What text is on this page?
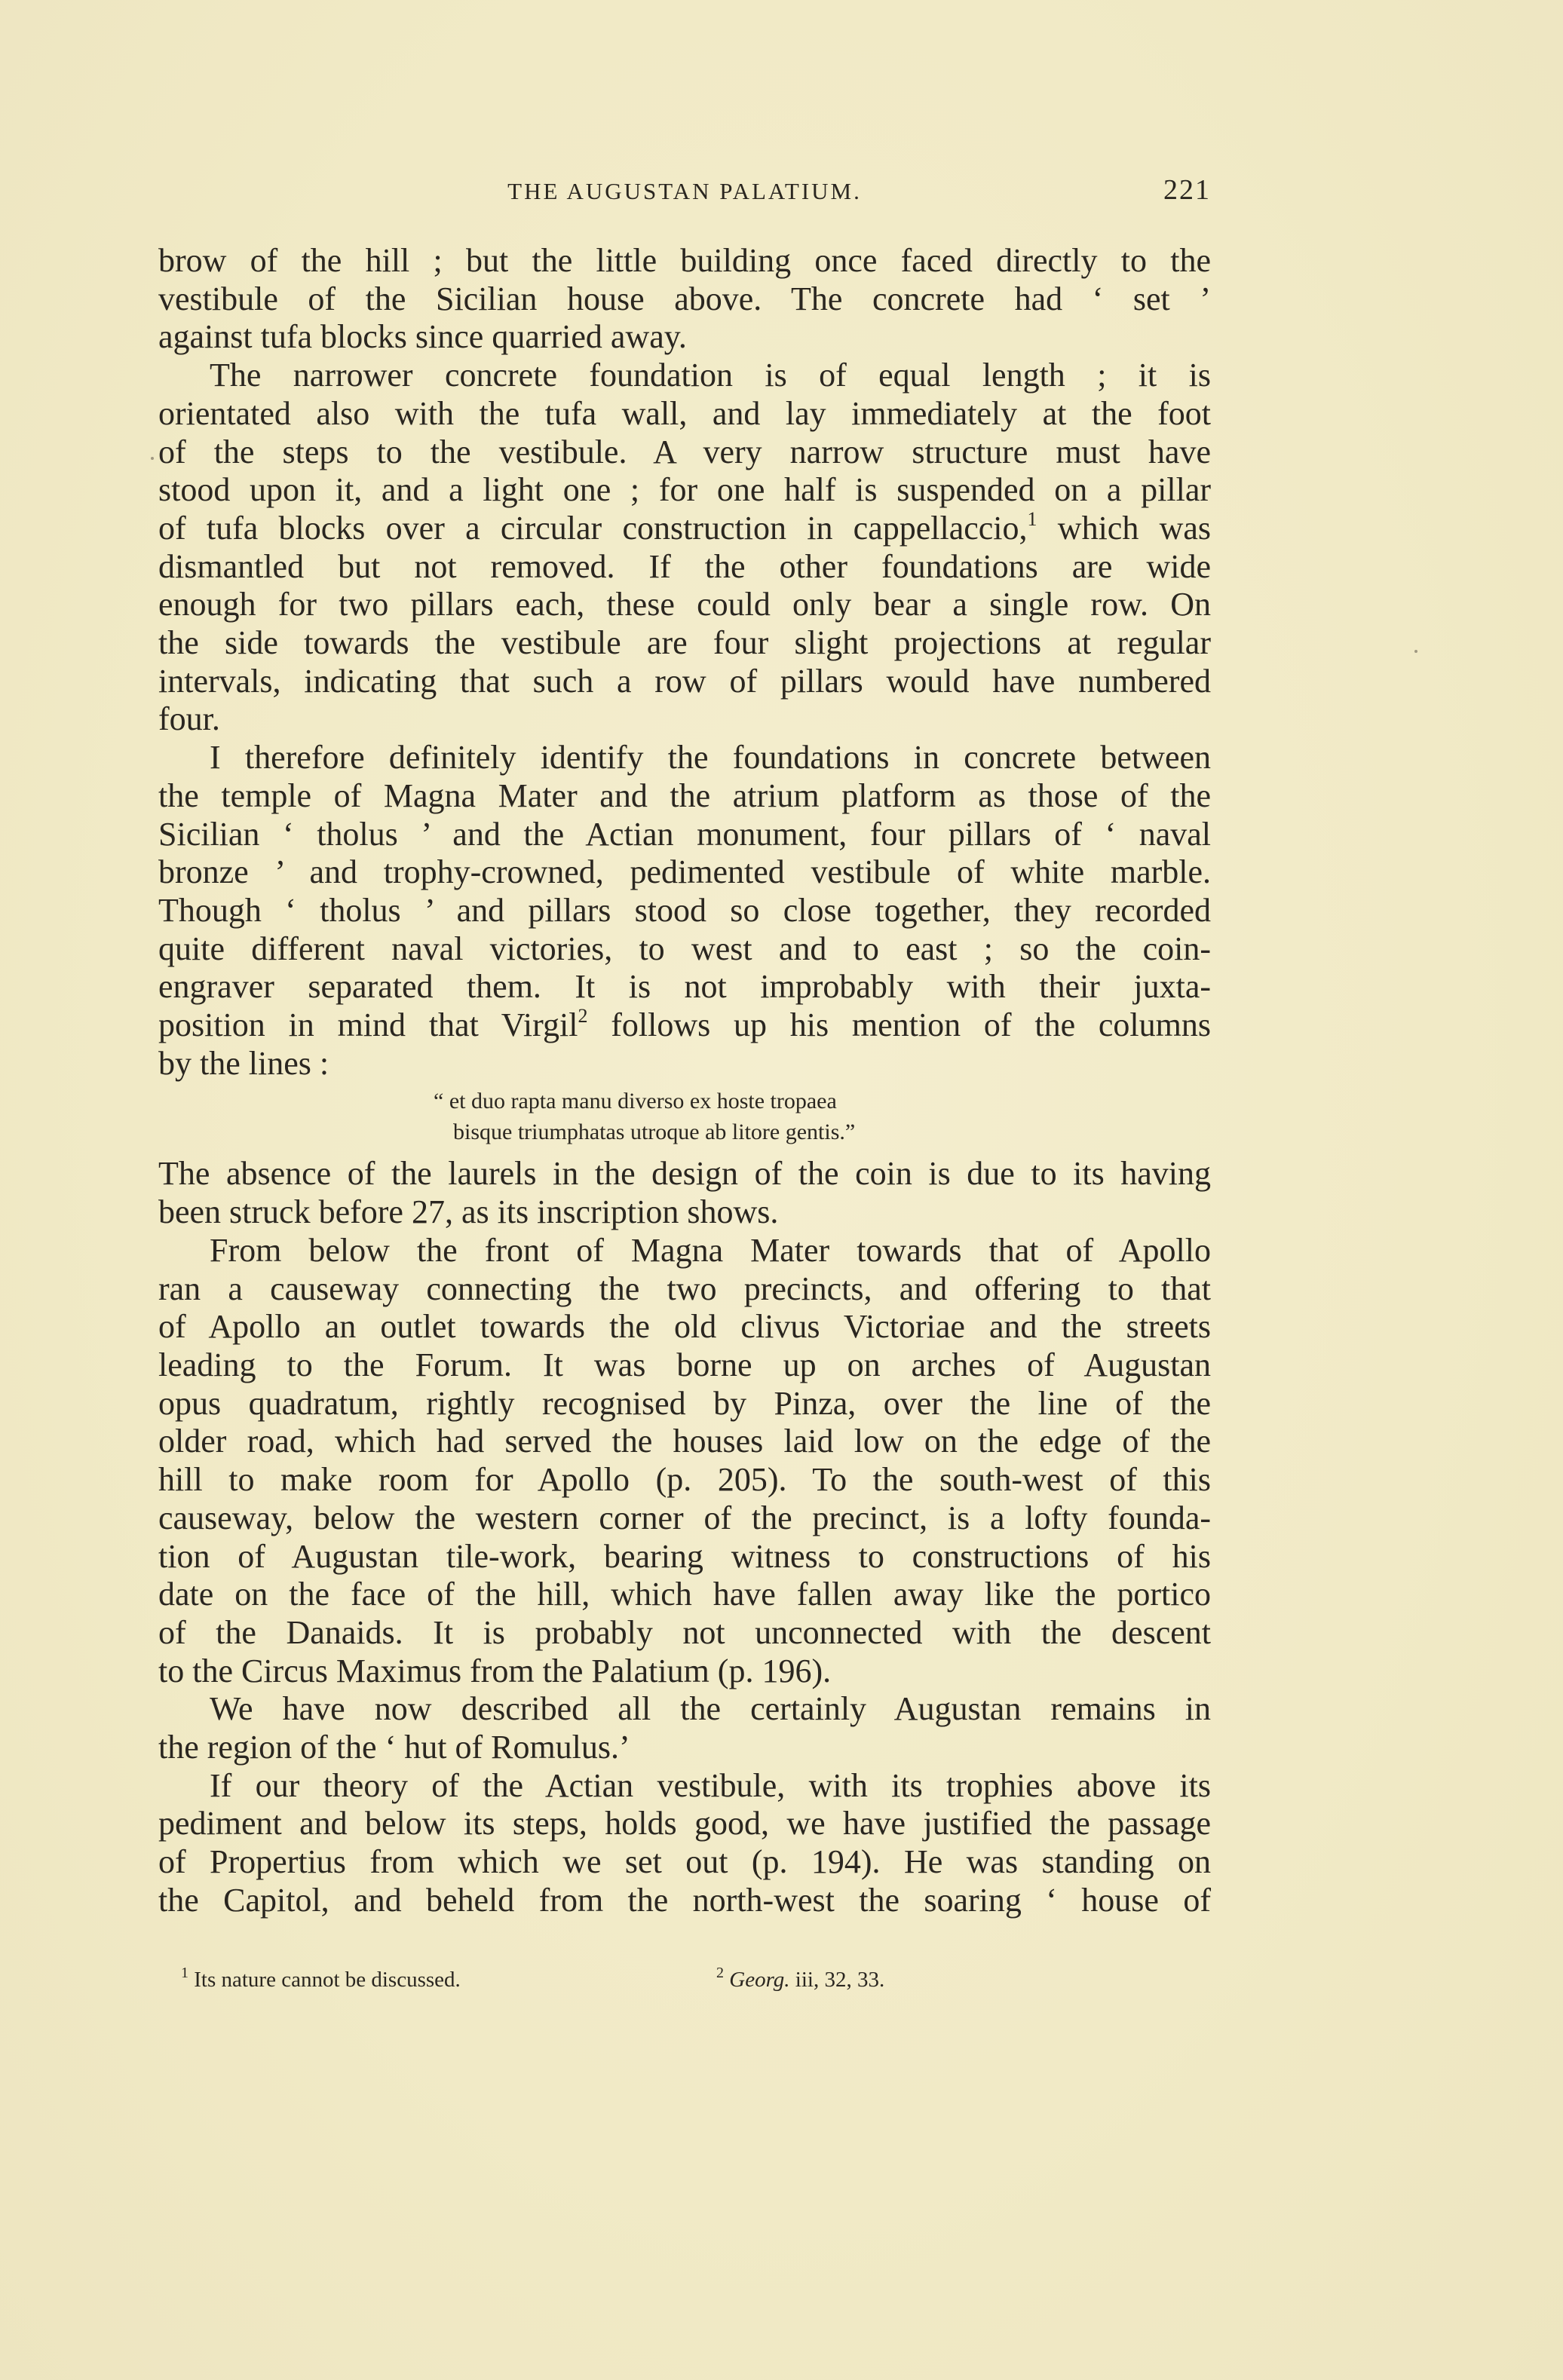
THE AUGUSTAN PALATIUM.	221
brow of the hill ; but the little building once faced directly to the
vestibule of the Sicilian house above. The concrete had ‘ set ’
against tufa blocks since quarried away.
The narrower concrete foundation is of equal length ; it is
orientated also with the tufa wall, and lay immediately at the foot
of the steps to the vestibule. A very narrow structure must have
stood upon it, and a light one ; for one half is suspended on a pillar
of tufa blocks over a circular construction in cappellaccio,$^1$ which was
dismantled but not removed. If the other foundations are wide
enough for two pillars each, these could only bear a single row. On
the side towards the vestibule are four slight projections at regular
intervals, indicating that such a row of pillars would have numbered
four.
I therefore definitely identify the foundations in concrete between
the temple of Magna Mater and the atrium platform as those of the
Sicilian ‘ tholus ’ and the Actian monument, four pillars of ‘ naval
bronze ’ and trophy-crowned, pedimented vestibule of white marble.
Though ‘ tholus ’ and pillars stood so close together, they recorded
quite different naval victories, to west and to east ; so the coin-
engraver separated them. It is not improbably with their juxta-
position in mind that Virgil$^2$ follows up his mention of the columns
by the lines :
“ et duo rapta manu diverso ex hoste tropaea
bisque triumphatas utroque ab litore gentis.”
The absence of the laurels in the design of the coin is due to its having
been struck before 27, as its inscription shows.
From below the front of Magna Mater towards that of Apollo
ran a causeway connecting the two precincts, and offering to that
of Apollo an outlet towards the old clivus Victoriae and the streets
leading to the Forum. It was borne up on arches of Augustan
opus quadratum, rightly recognised by Pinza, over the line of the
older road, which had served the houses laid low on the edge of the
hill to make room for Apollo (p. 205). To the south-west of this
causeway, below the western corner of the precinct, is a lofty founda-
tion of Augustan tile-work, bearing witness to constructions of his
date on the face of the hill, which have fallen away like the portico
of the Danaids. It is probably not unconnected with the descent
to the Circus Maximus from the Palatium (p. 196).
We have now described all the certainly Augustan remains in
the region of the ‘ hut of Romulus.’
If our theory of the Actian vestibule, with its trophies above its
pediment and below its steps, holds good, we have justified the passage
of Propertius from which we set out (p. 194). He was standing on
the Capitol, and beheld from the north-west the soaring ‘ house of
$^1$ Its nature cannot be discussed.	$^2$ Georg. iii, 32, 33.
